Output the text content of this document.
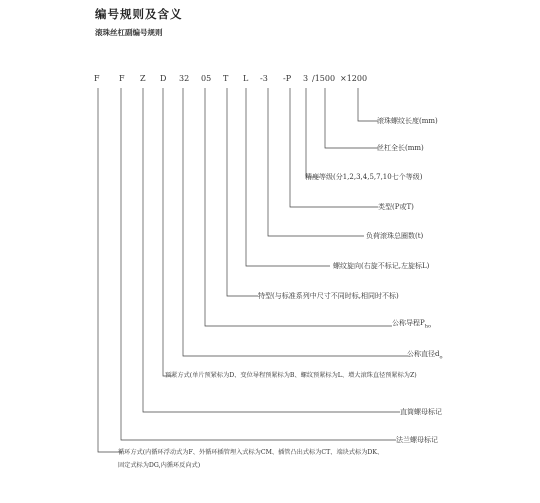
编号规则及含义
滚珠丝杠副编号规则
F F Z D 32 05 T L -3 -P 3 /1500 ×1200
滚珠螺纹长度(mm)
丝杠全长(mm)
精度等级(分1,2,3,4,5,7,10七个等级)
类型(P或T)
负荷滚珠总圈数(t)
螺纹旋向(右旋不标记,左旋标L)
特型(与标准系列中尺寸不同时标,相同时不标)
公称导程$P_{ho}$
公称直径$d_o$
预紧方式(单片预紧标为D、变位导程预紧标为B、螺纹预紧标为L、增大滚珠直径预紧标为Z)
直筒螺母标记
法兰螺母标记
循环方式(内循环浮动式为F、外循环插管埋入式标为CM、插管凸出式标为CT、端块式标为DK、
固定式标为DG,内循环反向式)
